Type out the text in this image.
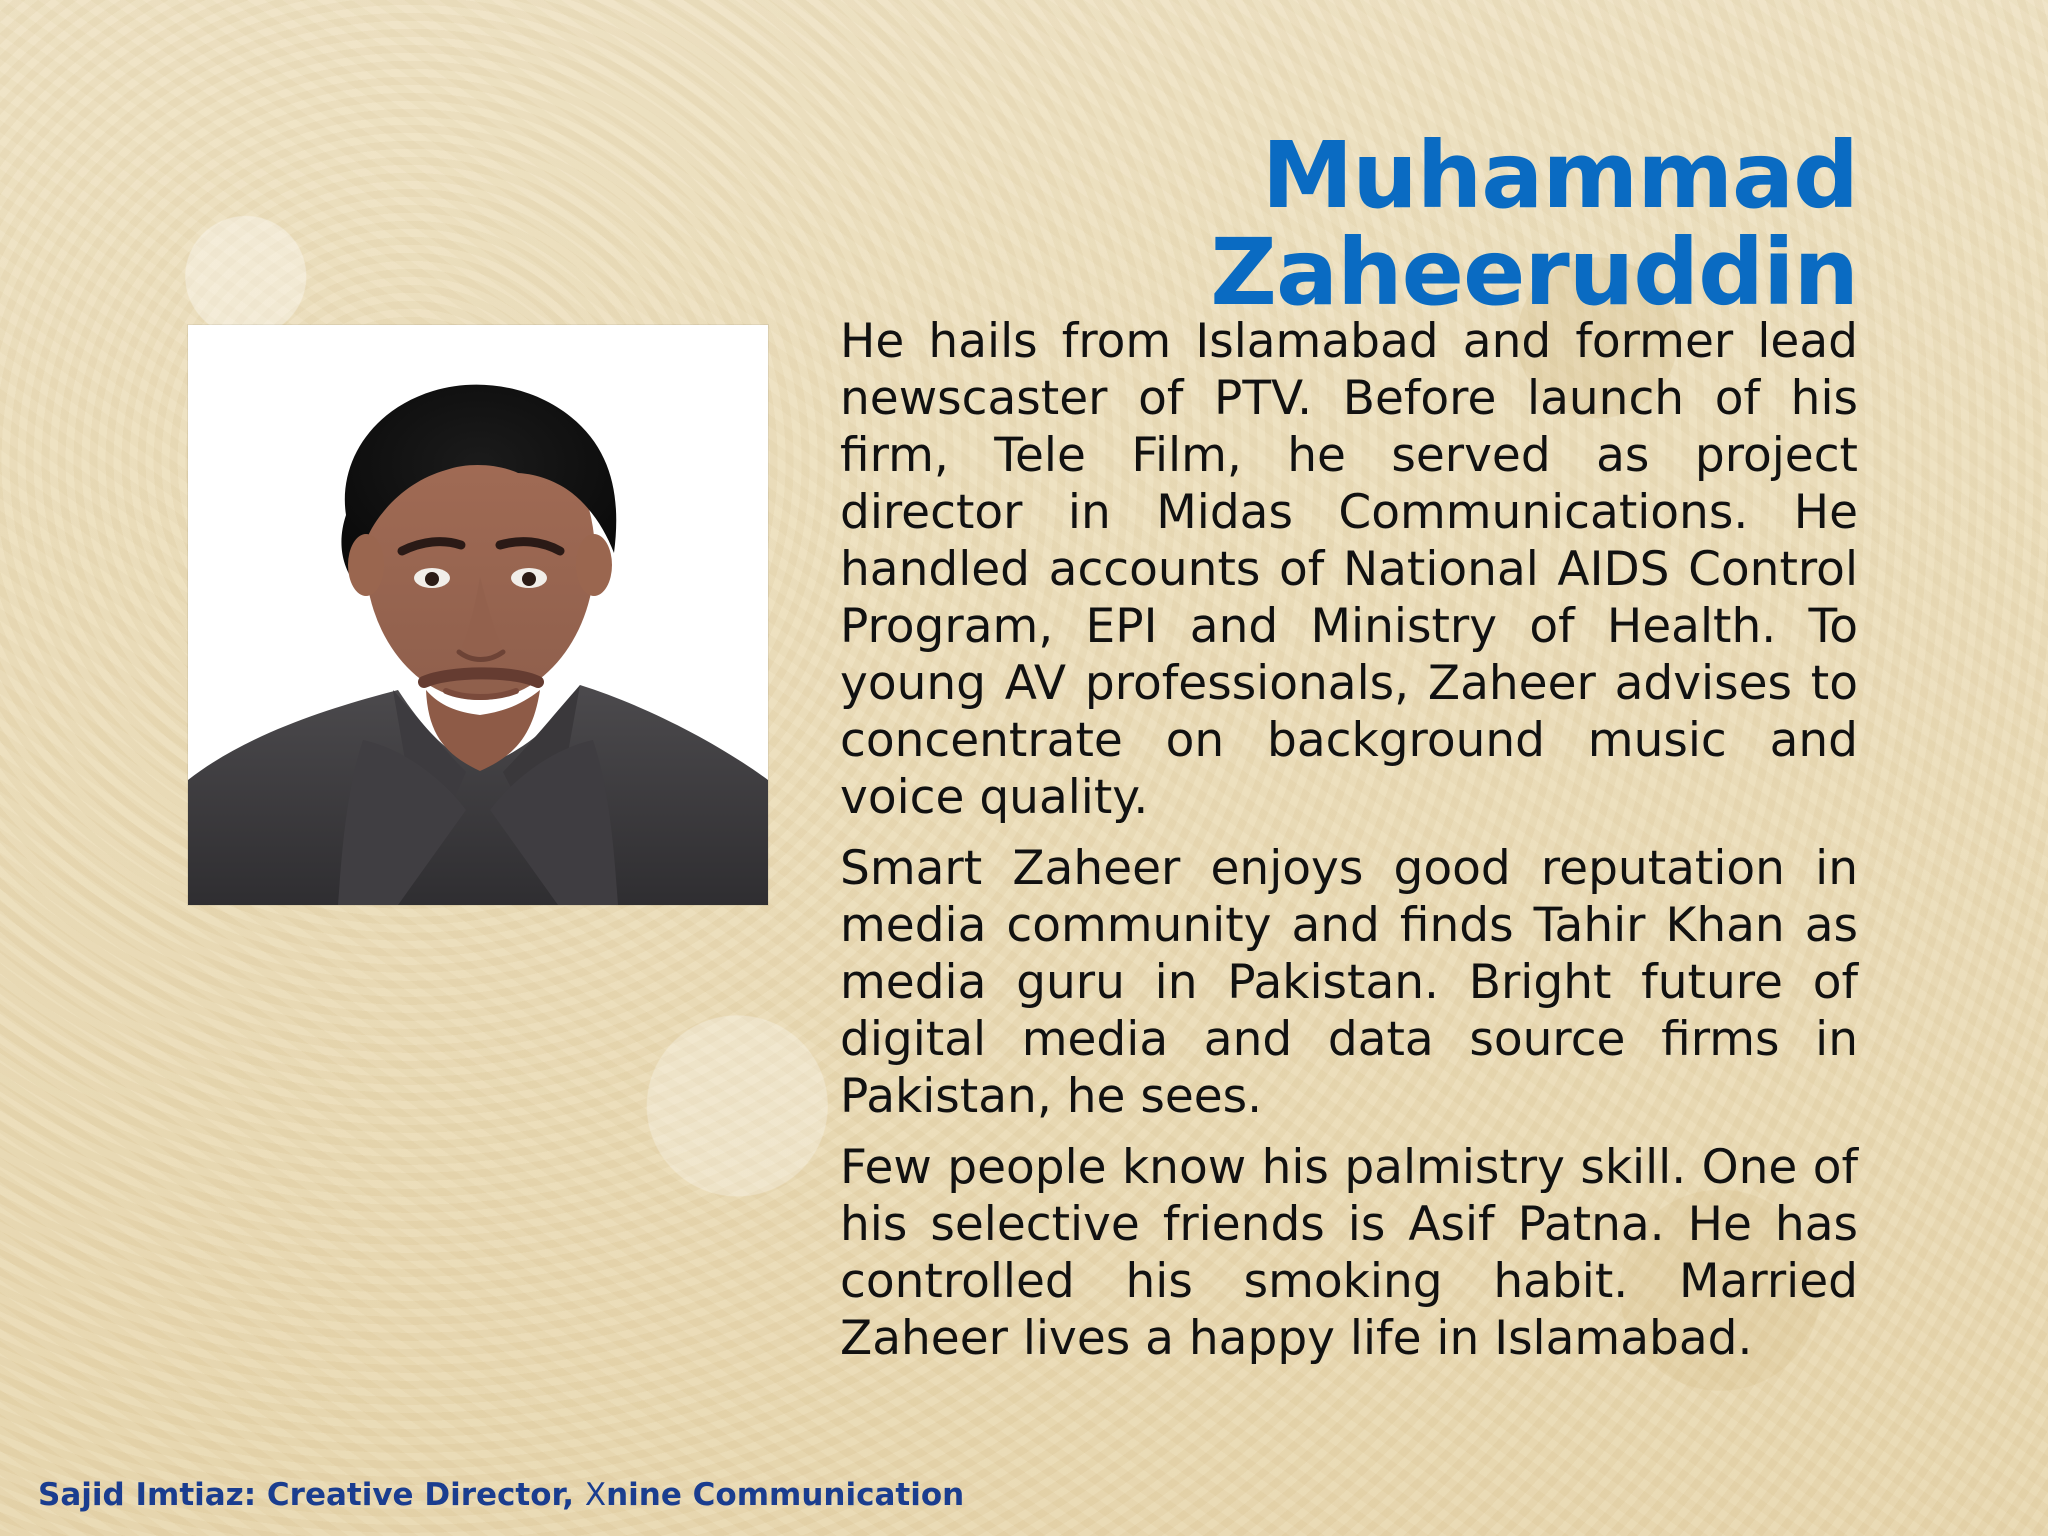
Muhammad Zaheeruddin

He hails from Islamabad and former lead newscaster of PTV. Before launch of his firm, Tele Film, he served as project director in Midas Communications. He handled accounts of National AIDS Control Program, EPI and Ministry of Health. To young AV professionals, Zaheer advises to concentrate on background music and voice quality.

Smart Zaheer enjoys good reputation in media community and finds Tahir Khan as media guru in Pakistan. Bright future of digital media and data source firms in Pakistan, he sees.

Few people know his palmistry skill. One of his selective friends is Asif Patna. He has controlled his smoking habit. Married Zaheer lives a happy life in Islamabad.

Sajid Imtiaz: Creative Director, Xnine Communication
